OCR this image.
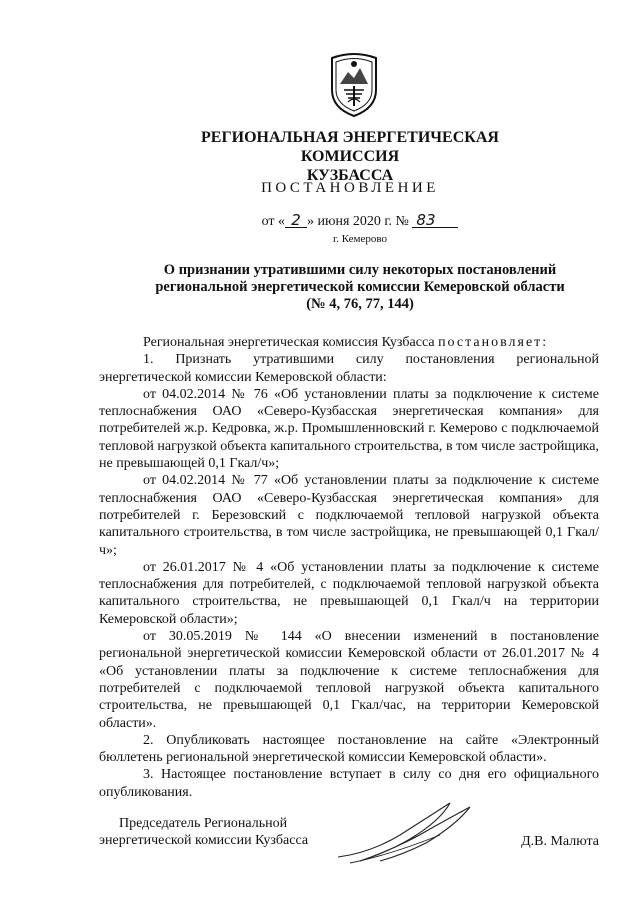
РЕГИОНАЛЬНАЯ ЭНЕРГЕТИЧЕСКАЯ КОМИССИЯ
КУЗБАССА
ПОСТАНОВЛЕНИЕ
от « 2 » июня 2020 г. № 83
г. Кемерово
О признании утратившими силу некоторых постановлений
региональной энергетической комиссии Кемеровской области
(№ 4, 76, 77, 144)

Региональная энергетическая комиссия Кузбасса постановляет:

1. Признать утратившими силу постановления региональной энергетической комиссии Кемеровской области:

от 04.02.2014 № 76 «Об установлении платы за подключение к системе теплоснабжения ОАО «Северо-Кузбасская энергетическая компания» для потребителей ж.р. Кедровка, ж.р. Промышленновский г. Кемерово с подключаемой тепловой нагрузкой объекта капитального строительства, в том числе застройщика, не превышающей 0,1 Гкал/ч»;

от 04.02.2014 № 77 «Об установлении платы за подключение к системе теплоснабжения ОАО «Северо-Кузбасская энергетическая компания» для потребителей г. Березовский с подключаемой тепловой нагрузкой объекта капитального строительства, в том числе застройщика, не превышающей 0,1 Гкал/ч»;

от 26.01.2017 № 4 «Об установлении платы за подключение к системе теплоснабжения для потребителей, с подключаемой тепловой нагрузкой объекта капитального строительства, не превышающей 0,1 Гкал/ч на территории Кемеровской области»;

от 30.05.2019 № 144 «О внесении изменений в постановление региональной энергетической комиссии Кемеровской области от 26.01.2017 № 4 «Об установлении платы за подключение к системе теплоснабжения для потребителей с подключаемой тепловой нагрузкой объекта капитального строительства, не превышающей 0,1 Гкал/час, на территории Кемеровской области».

2. Опубликовать настоящее постановление на сайте «Электронный бюллетень региональной энергетической комиссии Кемеровской области».

3. Настоящее постановление вступает в силу со дня его официального опубликования.

Председатель Региональной
энергетической комиссии Кузбасса	Д.В. Малюта
